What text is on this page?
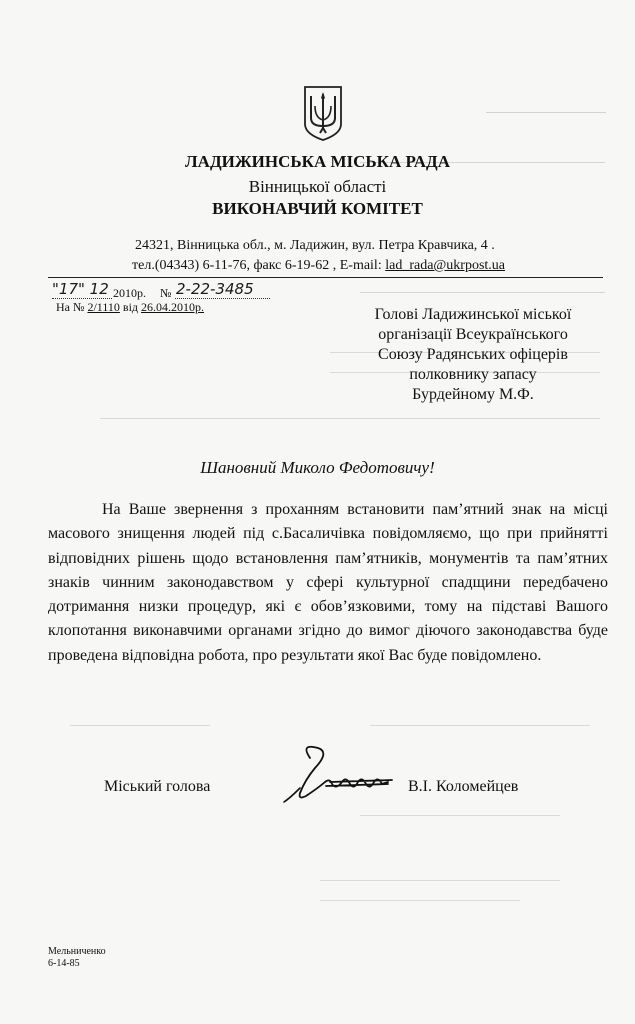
ЛАДИЖИНСЬКА МІСЬКА РАДА
Вінницької області
ВИКОНАВЧИЙ КОМІТЕТ
24321, Вінницька обл., м. Ладижин, вул. Петра Кравчика, 4 .
тел.(04343) 6-11-76, факс 6-19-62 , E-mail: lad_rada@ukrpost.ua
"17" 12 2010р. № 2-22-3485
На № 2/1110 від 26.04.2010р.	Голові Ладижинської міської
організації Всеукраїнського
Союзу Радянських офіцерів
полковнику запасу
Бурдейному М.Ф.
Шановний Миколо Федотовичу!
На Ваше звернення з проханням встановити пам’ятний знак на місці масового знищення людей під с.Басаличівка повідомляємо, що при прийнятті відповідних рішень щодо встановлення пам’ятників, монументів та пам’ятних знаків чинним законодавством у сфері культурної спадщини передбачено дотримання низки процедур, які є обов’язковими, тому на підставі Вашого клопотання виконавчими органами згідно до вимог діючого законодавства буде проведена відповідна робота, про результати якої Вас буде повідомлено.
Міський голова	В.І. Коломейцев
Мельниченко
6-14-85
